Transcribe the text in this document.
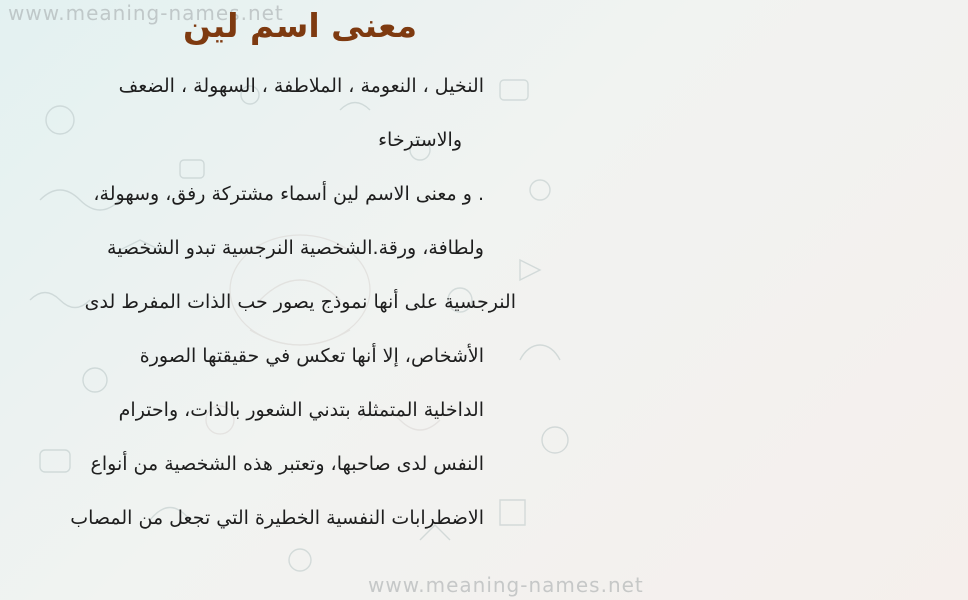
www.meaning-names.net
www.meaning-names.net
معنى اسم لين
النخيل ، النعومة ، الملاطفة ، السهولة ، الضعف
والاسترخاء
. و معنى الاسم لين أسماء مشتركة رفق، وسهولة،
ولطافة، ورقة.الشخصية النرجسية تبدو الشخصية
النرجسية على أنها نموذج يصور حب الذات المفرط لدى
الأشخاص، إلا أنها تعكس في حقيقتها الصورة
الداخلية المتمثلة بتدني الشعور بالذات، واحترام
النفس لدى صاحبها، وتعتبر هذه الشخصية من أنواع
الاضطرابات النفسية الخطيرة التي تجعل من المصاب
